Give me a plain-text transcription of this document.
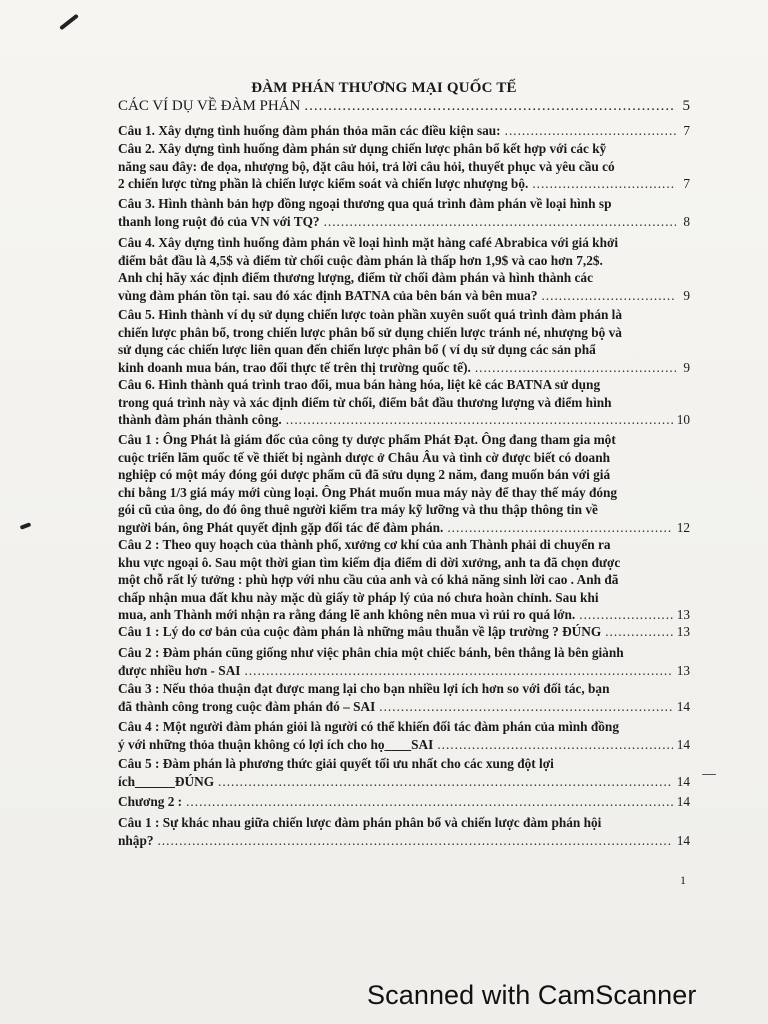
ĐÀM PHÁN THƯƠNG MẠI QUỐC TẾ
CÁC VÍ DỤ VỀ ĐÀM PHÁN .....	5
Câu 1. Xây dựng tình huống đàm phán thỏa mãn các điều kiện sau: .....	7
Câu 2. Xây dựng tình huống đàm phán sử dụng chiến lược phân bổ kết hợp với các kỹ
năng sau đây: đe dọa, nhượng bộ, đặt câu hỏi, trả lời câu hỏi, thuyết phục và yêu cầu có
2 chiến lược từng phần là chiến lược kiểm soát và chiến lược nhượng bộ. .....	7
Câu 3. Hình thành bản hợp đồng ngoại thương qua quá trình đàm phán về loại hình sp
thanh long ruột đỏ của VN với TQ? .....	8
Câu 4. Xây dựng tình huống đàm phán về loại hình mặt hàng café Abrabica với giá khởi
điểm bắt đầu là 4,5$ và điểm từ chối cuộc đàm phán là thấp hơn 1,9$ và cao hơn 7,2$.
Anh chị hãy xác định điểm thương lượng, điểm từ chối đàm phán và hình thành các
vùng đàm phán tồn tại. sau đó xác định BATNA của bên bán và bên mua? .....	9
Câu 5. Hình thành ví dụ sử dụng chiến lược toàn phần xuyên suốt quá trình đàm phán là
chiến lược phân bổ, trong chiến lược phân bổ sử dụng chiến lược tránh né, nhượng bộ và
sử dụng các chiến lược liên quan đến chiến lược phân bổ ( ví dụ sử dụng các sản phẩ
kinh doanh mua bán, trao đổi thực tế trên thị trường quốc tế). .....	9
Câu 6. Hình thành quá trình trao đổi, mua bán hàng hóa, liệt kê các BATNA sử dụng
trong quá trình này và xác định điểm từ chối, điểm bắt đầu thương lượng và điểm hình
thành đàm phán thành công. .....	10
Câu 1 : Ông Phát là giám đốc của công ty dược phẩm Phát Đạt. Ông đang tham gia một
cuộc triển lãm quốc tế về thiết bị ngành dược ở Châu Âu và tình cờ được biết có doanh
nghiệp có một máy đóng gói dược phẩm cũ đã sửu dụng 2 năm, đang muốn bán với giá
chỉ bằng 1/3 giá máy mới cùng loại. Ông Phát muốn mua máy này để thay thế máy đóng
gói cũ của ông, do đó ông thuê người kiểm tra máy kỹ lưỡng và thu thập thông tin về
người bán, ông Phát quyết định gặp đối tác để đàm phán. .....	12
Câu 2 : Theo quy hoạch của thành phố, xưởng cơ khí của anh Thành phải di chuyển ra
khu vực ngoại ô. Sau một thời gian tìm kiếm địa điểm di dời xưởng, anh ta đã chọn được
một chỗ rất lý tưởng : phù hợp với nhu cầu của anh và có khả năng sinh lời cao . Anh đã
chấp nhận mua đất khu này mặc dù giấy tờ pháp lý của nó chưa hoàn chỉnh. Sau khi
mua, anh Thành mới nhận ra rằng đáng lẽ anh không nên mua vì rủi ro quá lớn. .....	13
Câu 1 : Lý do cơ bản của cuộc đàm phán là những mâu thuẫn về lập trường ? ĐÚNG .....	13
Câu 2 : Đàm phán cũng giống như việc phân chia một chiếc bánh, bên thắng là bên giành
được nhiều hơn - SAI .....	13
Câu 3 : Nếu thỏa thuận đạt được mang lại cho bạn nhiều lợi ích hơn so với đối tác, bạn
đã thành công trong cuộc đàm phán đó – SAI .....	14
Câu 4 : Một người đàm phán giỏi là người có thể khiến đối tác đàm phán của mình đồng
ý với những thỏa thuận không có lợi ích cho họ____SAI .....	14
Câu 5 : Đàm phán là phương thức giải quyết tối ưu nhất cho các xung đột lợi
ích______ĐÚNG .....	14
Chương 2 : .....	14
Câu 1 : Sự khác nhau giữa chiến lược đàm phán phân bổ và chiến lược đàm phán hội
nhập? .....	14
1
Scanned with CamScanner
